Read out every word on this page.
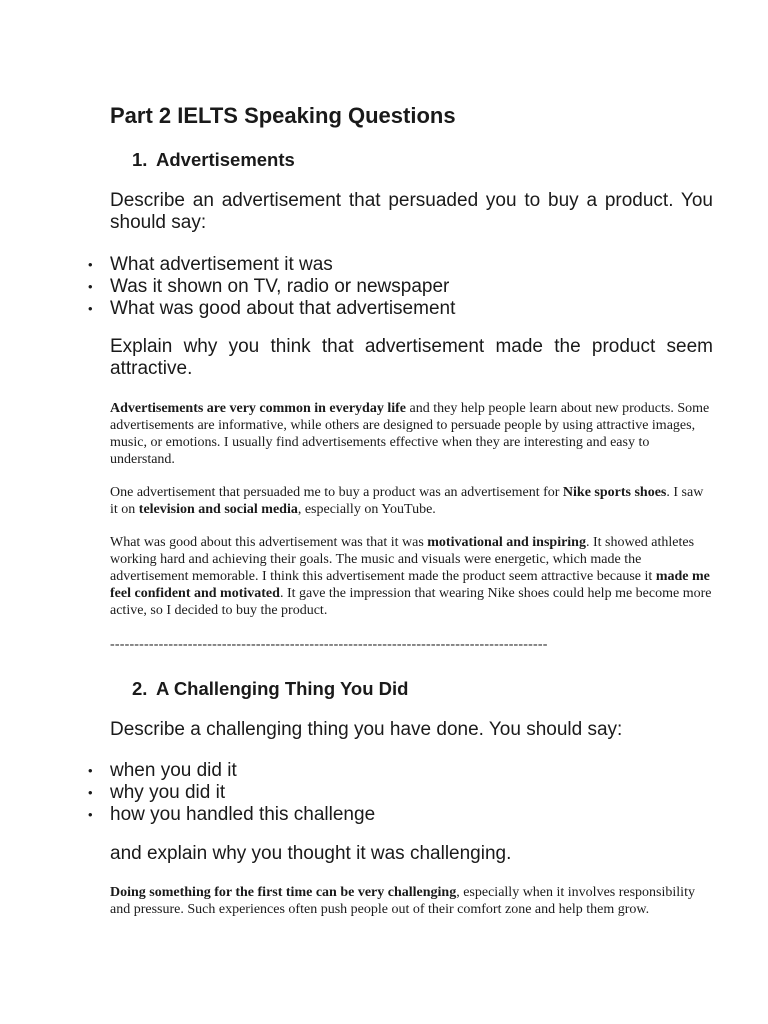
Part 2 IELTS Speaking Questions
1. Advertisements

Describe an advertisement that persuaded you to buy a product. You should say:

• What advertisement it was
• Was it shown on TV, radio or newspaper
• What was good about that advertisement

Explain why you think that advertisement made the product seem attractive.

Advertisements are very common in everyday life and they help people learn about new products. Some advertisements are informative, while others are designed to persuade people by using attractive images, music, or emotions. I usually find advertisements effective when they are interesting and easy to understand.

One advertisement that persuaded me to buy a product was an advertisement for Nike sports shoes. I saw it on television and social media, especially on YouTube.

What was good about this advertisement was that it was motivational and inspiring. It showed athletes working hard and achieving their goals. The music and visuals were energetic, which made the advertisement memorable. I think this advertisement made the product seem attractive because it made me feel confident and motivated. It gave the impression that wearing Nike shoes could help me become more active, so I decided to buy the product.

------------------------------------------------------------------------------------------
2. A Challenging Thing You Did

Describe a challenging thing you have done. You should say:

• when you did it
• why you did it
• how you handled this challenge

and explain why you thought it was challenging.

Doing something for the first time can be very challenging, especially when it involves responsibility and pressure. Such experiences often push people out of their comfort zone and help them grow.
